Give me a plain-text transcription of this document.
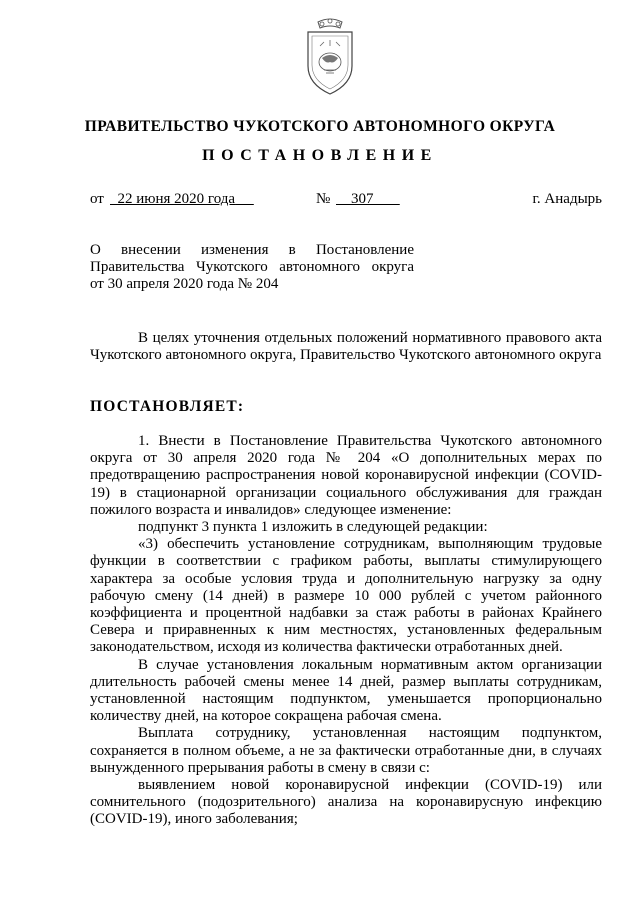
ПРАВИТЕЛЬСТВО ЧУКОТСКОГО АВТОНОМНОГО ОКРУГА
ПОСТАНОВЛЕНИЕ
от 22 июня 2020 года	№	307	г. Анадырь
О внесении изменения в Постановление
Правительства Чукотского автономного округа
от 30 апреля 2020 года № 204

В целях уточнения отдельных положений нормативного правового акта Чукотского автономного округа, Правительство Чукотского автономного округа

ПОСТАНОВЛЯЕТ:

1. Внести в Постановление Правительства Чукотского автономного округа от 30 апреля 2020 года № 204 «О дополнительных мерах по предотвращению распространения новой коронавирусной инфекции (COVID-19) в стационарной организации социального обслуживания для граждан пожилого возраста и инвалидов» следующее изменение:

подпункт 3 пункта 1 изложить в следующей редакции:

«3) обеспечить установление сотрудникам, выполняющим трудовые функции в соответствии с графиком работы, выплаты стимулирующего характера за особые условия труда и дополнительную нагрузку за одну рабочую смену (14 дней) в размере 10 000 рублей с учетом районного коэффициента и процентной надбавки за стаж работы в районах Крайнего Севера и приравненных к ним местностях, установленных федеральным законодательством, исходя из количества фактически отработанных дней.

В случае установления локальным нормативным актом организации длительность рабочей смены менее 14 дней, размер выплаты сотрудникам, установленной настоящим подпунктом, уменьшается пропорционально количеству дней, на которое сокращена рабочая смена.

Выплата сотруднику, установленная настоящим подпунктом, сохраняется в полном объеме, а не за фактически отработанные дни, в случаях вынужденного прерывания работы в смену в связи с:

выявлением новой коронавирусной инфекции (COVID-19) или сомнительного (подозрительного) анализа на коронавирусную инфекцию (COVID-19), иного заболевания;
